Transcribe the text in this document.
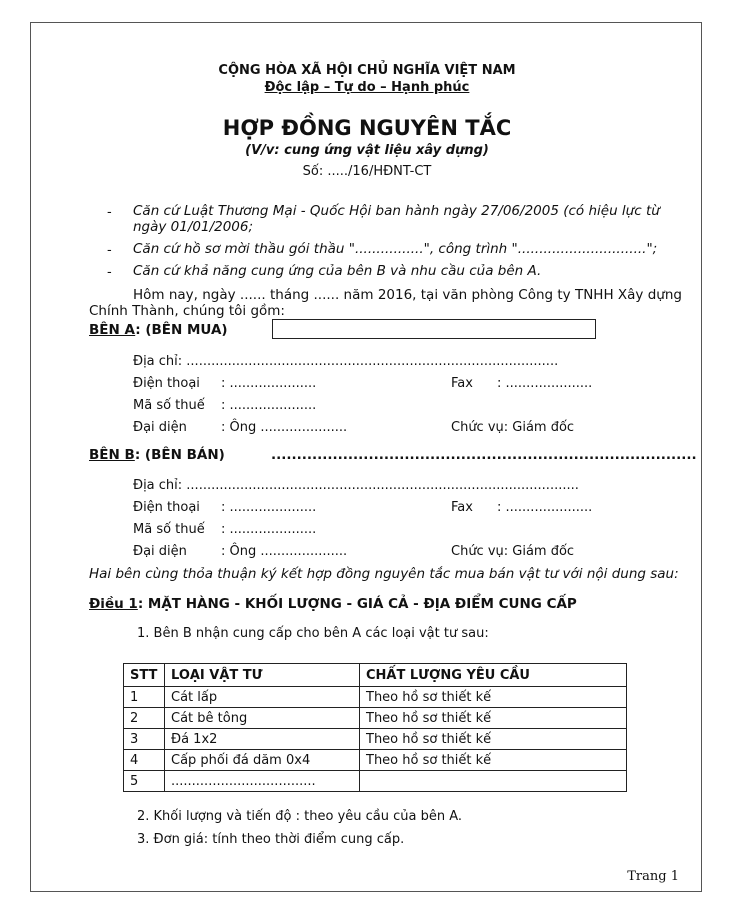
CỘNG HÒA XÃ HỘI CHỦ NGHĨA VIỆT NAM
Độc lập – Tự do – Hạnh phúc
HỢP ĐỒNG NGUYÊN TẮC
(V/v: cung ứng vật liệu xây dựng)
Số: ...../16/HĐNT-CT
- Căn cứ Luật Thương Mại - Quốc Hội ban hành ngày 27/06/2005 (có hiệu lực từ
ngày 01/01/2006;
- Căn cứ hồ sơ mời thầu gói thầu "................", công trình "..............................";
- Căn cứ khả năng cung ứng của bên B và nhu cầu của bên A.
Hôm nay, ngày ...... tháng ...... năm 2016, tại văn phòng Công ty TNHH Xây dựng
Chính Thành, chúng tôi gồm:
BÊN A: (BÊN MUA)
Địa chỉ: ..........................................................................................
Điện thoại : .....................	Fax : .....................
Mã số thuế : .....................
Đại diện	: Ông .....................	Chức vụ: Giám đốc
BÊN B: (BÊN BÁN)	...................................................................................
Địa chỉ: ...............................................................................................
Điện thoại : .....................	Fax : .....................
Mã số thuế : .....................
Đại diện	: Ông .....................	Chức vụ: Giám đốc
Hai bên cùng thỏa thuận ký kết hợp đồng nguyên tắc mua bán vật tư với nội dung sau:
Điều 1: MẶT HÀNG - KHỐI LƯỢNG - GIÁ CẢ - ĐỊA ĐIỂM CUNG CẤP
1. Bên B nhận cung cấp cho bên A các loại vật tư sau:
STT	LOẠI VẬT TƯ	CHẤT LƯỢNG YÊU CẦU
1	Cát lấp	Theo hồ sơ thiết kế
2	Cát bê tông	Theo hồ sơ thiết kế
3	Đá 1x2	Theo hồ sơ thiết kế
4	Cấp phối đá dăm 0x4	Theo hồ sơ thiết kế
5	...................................	
2. Khối lượng và tiến độ : theo yêu cầu của bên A.
3. Đơn giá: tính theo thời điểm cung cấp.
Trang 1
